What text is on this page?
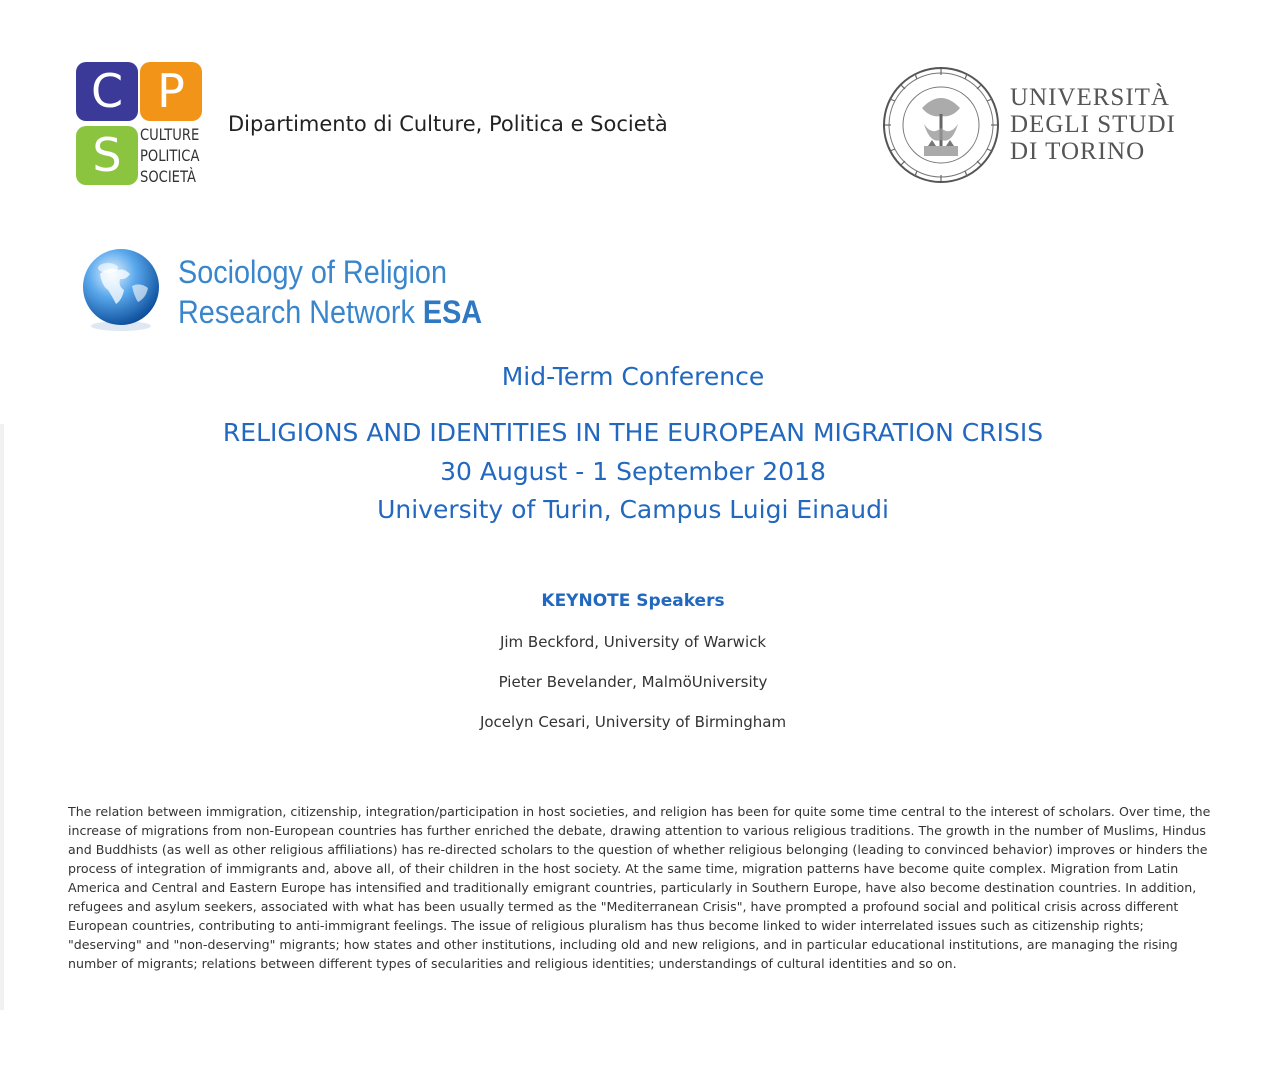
C P
S	CULTURE
POLITICA
SOCIETÀ
Dipartimento di Culture, Politica e Società
UNIVERSITÀ
DEGLI STUDI
DI TORINO
Sociology of Religion
Research Network ESA
Mid-Term Conference
RELIGIONS AND IDENTITIES IN THE EUROPEAN MIGRATION CRISIS
30 August - 1 September 2018
University of Turin, Campus Luigi Einaudi
KEYNOTE Speakers
Jim Beckford, University of Warwick
Pieter Bevelander, MalmöUniversity
Jocelyn Cesari, University of Birmingham
The relation between immigration, citizenship, integration/participation in host societies, and religion has been for quite some time central to the interest of scholars. Over time, the increase of migrations from non-European countries has further enriched the debate, drawing attention to various religious traditions. The growth in the number of Muslims, Hindus and Buddhists (as well as other religious affiliations) has re-directed scholars to the question of whether religious belonging (leading to convinced behavior) improves or hinders the process of integration of immigrants and, above all, of their children in the host society. At the same time, migration patterns have become quite complex. Migration from Latin America and Central and Eastern Europe has intensified and traditionally emigrant countries, particularly in Southern Europe, have also become destination countries. In addition, refugees and asylum seekers, associated with what has been usually termed as the "Mediterranean Crisis", have prompted a profound social and political crisis across different European countries, contributing to anti-immigrant feelings. The issue of religious pluralism has thus become linked to wider interrelated issues such as citizenship rights; "deserving" and "non-deserving" migrants; how states and other institutions, including old and new religions, and in particular educational institutions, are managing the rising number of migrants; relations between different types of secularities and religious identities; understandings of cultural identities and so on.
